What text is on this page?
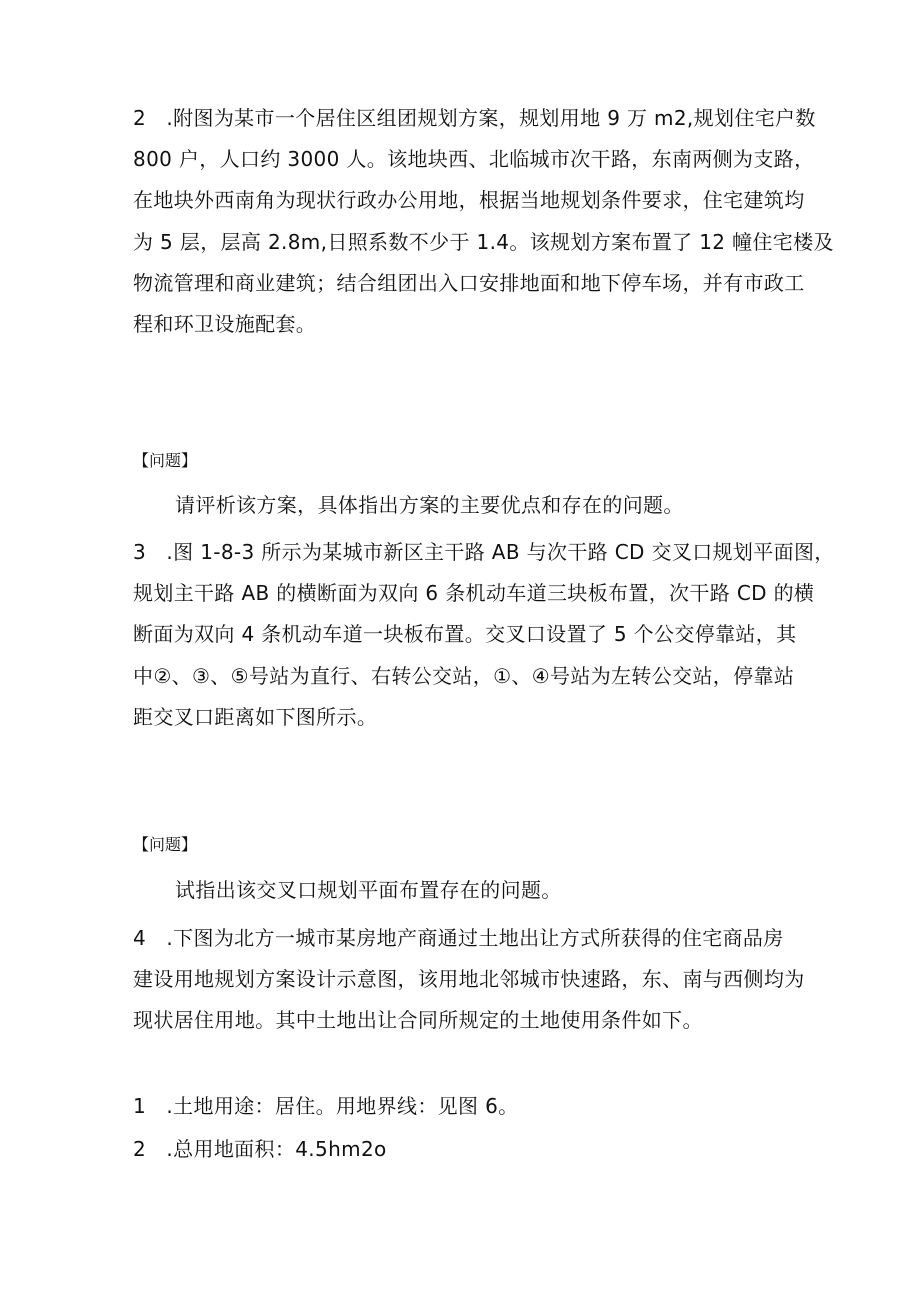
2　.附图为某市一个居住区组团规划方案，规划用地 9 万 m2,规划住宅户数
800 户，人口约 3000 人。该地块西、北临城市次干路，东南两侧为支路，
在地块外西南角为现状行政办公用地，根据当地规划条件要求，住宅建筑均
为 5 层，层高 2.8m,日照系数不少于 1.4。该规划方案布置了 12 幢住宅楼及
物流管理和商业建筑；结合组团出入口安排地面和地下停车场，并有市政工
程和环卫设施配套。

【问题】

请评析该方案，具体指出方案的主要优点和存在的问题。

3　.图 1-8-3 所示为某城市新区主干路 AB 与次干路 CD 交叉口规划平面图，
规划主干路 AB 的横断面为双向 6 条机动车道三块板布置，次干路 CD 的横
断面为双向 4 条机动车道一块板布置。交叉口设置了 5 个公交停靠站，其
中②、③、⑤号站为直行、右转公交站，①、④号站为左转公交站，停靠站
距交叉口距离如下图所示。

【问题】

试指出该交叉口规划平面布置存在的问题。

4　.下图为北方一城市某房地产商通过土地出让方式所获得的住宅商品房
建设用地规划方案设计示意图，该用地北邻城市快速路，东、南与西侧均为
现状居住用地。其中土地出让合同所规定的土地使用条件如下。

1　.土地用途：居住。用地界线：见图 6。

2　.总用地面积：4.5hm2o
